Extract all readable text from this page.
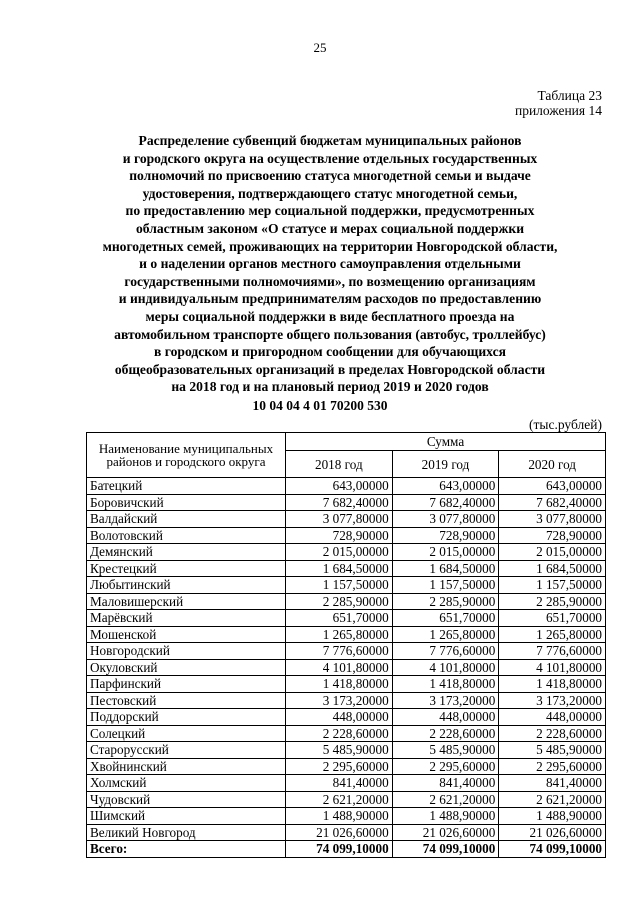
25
Таблица 23
приложения 14
Распределение субвенций бюджетам муниципальных районов
и городского округа на осуществление отдельных государственных
полномочий по присвоению статуса многодетной семьи и выдаче
удостоверения, подтверждающего статус многодетной семьи,
по предоставлению мер социальной поддержки, предусмотренных
областным законом «О статусе и мерах социальной поддержки
многодетных семей, проживающих на территории Новгородской области,
и о наделении органов местного самоуправления отдельными
государственными полномочиями», по возмещению организациям
и индивидуальным предпринимателям расходов по предоставлению
меры социальной поддержки в виде бесплатного проезда на
автомобильном транспорте общего пользования (автобус, троллейбус)
в городском и пригородном сообщении для обучающихся
общеобразовательных организаций в пределах Новгородской области
на 2018 год и на плановый период 2019 и 2020 годов
10 04 04 4 01 70200 530
(тыс.рублей)
Наименование муниципальных районов и городского округа	Сумма		
	2018 год	2019 год	2020 год
Батецкий	643,00000	643,00000	643,00000
Боровичский	7 682,40000	7 682,40000	7 682,40000
Валдайский	3 077,80000	3 077,80000	3 077,80000
Волотовский	728,90000	728,90000	728,90000
Демянский	2 015,00000	2 015,00000	2 015,00000
Крестецкий	1 684,50000	1 684,50000	1 684,50000
Любытинский	1 157,50000	1 157,50000	1 157,50000
Маловишерский	2 285,90000	2 285,90000	2 285,90000
Марёвский	651,70000	651,70000	651,70000
Мошенской	1 265,80000	1 265,80000	1 265,80000
Новгородский	7 776,60000	7 776,60000	7 776,60000
Окуловский	4 101,80000	4 101,80000	4 101,80000
Парфинский	1 418,80000	1 418,80000	1 418,80000
Пестовский	3 173,20000	3 173,20000	3 173,20000
Поддорский	448,00000	448,00000	448,00000
Солецкий	2 228,60000	2 228,60000	2 228,60000
Старорусский	5 485,90000	5 485,90000	5 485,90000
Хвойнинский	2 295,60000	2 295,60000	2 295,60000
Холмский	841,40000	841,40000	841,40000
Чудовский	2 621,20000	2 621,20000	2 621,20000
Шимский	1 488,90000	1 488,90000	1 488,90000
Великий Новгород	21 026,60000	21 026,60000	21 026,60000
Всего:	74 099,10000	74 099,10000	74 099,10000
